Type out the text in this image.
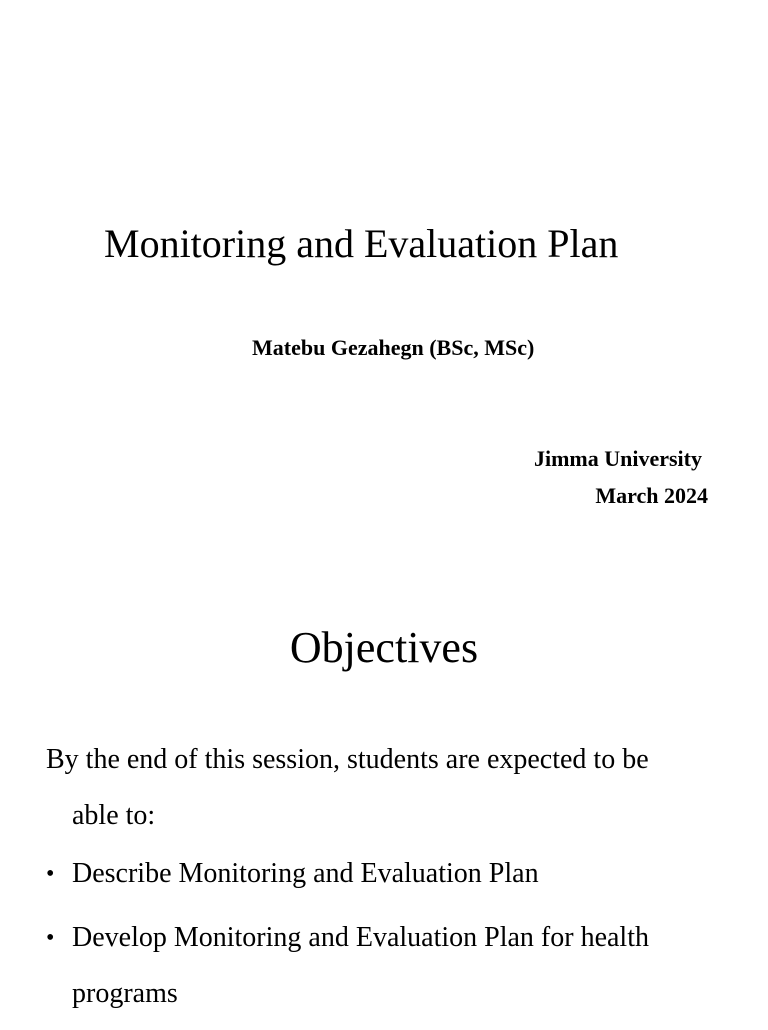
Monitoring and Evaluation Plan
Matebu Gezahegn (BSc, MSc)
Jimma University
March 2024
Objectives
By the end of this session, students are expected to be
able to:
• Describe Monitoring and Evaluation Plan
• Develop Monitoring and Evaluation Plan for health programs
